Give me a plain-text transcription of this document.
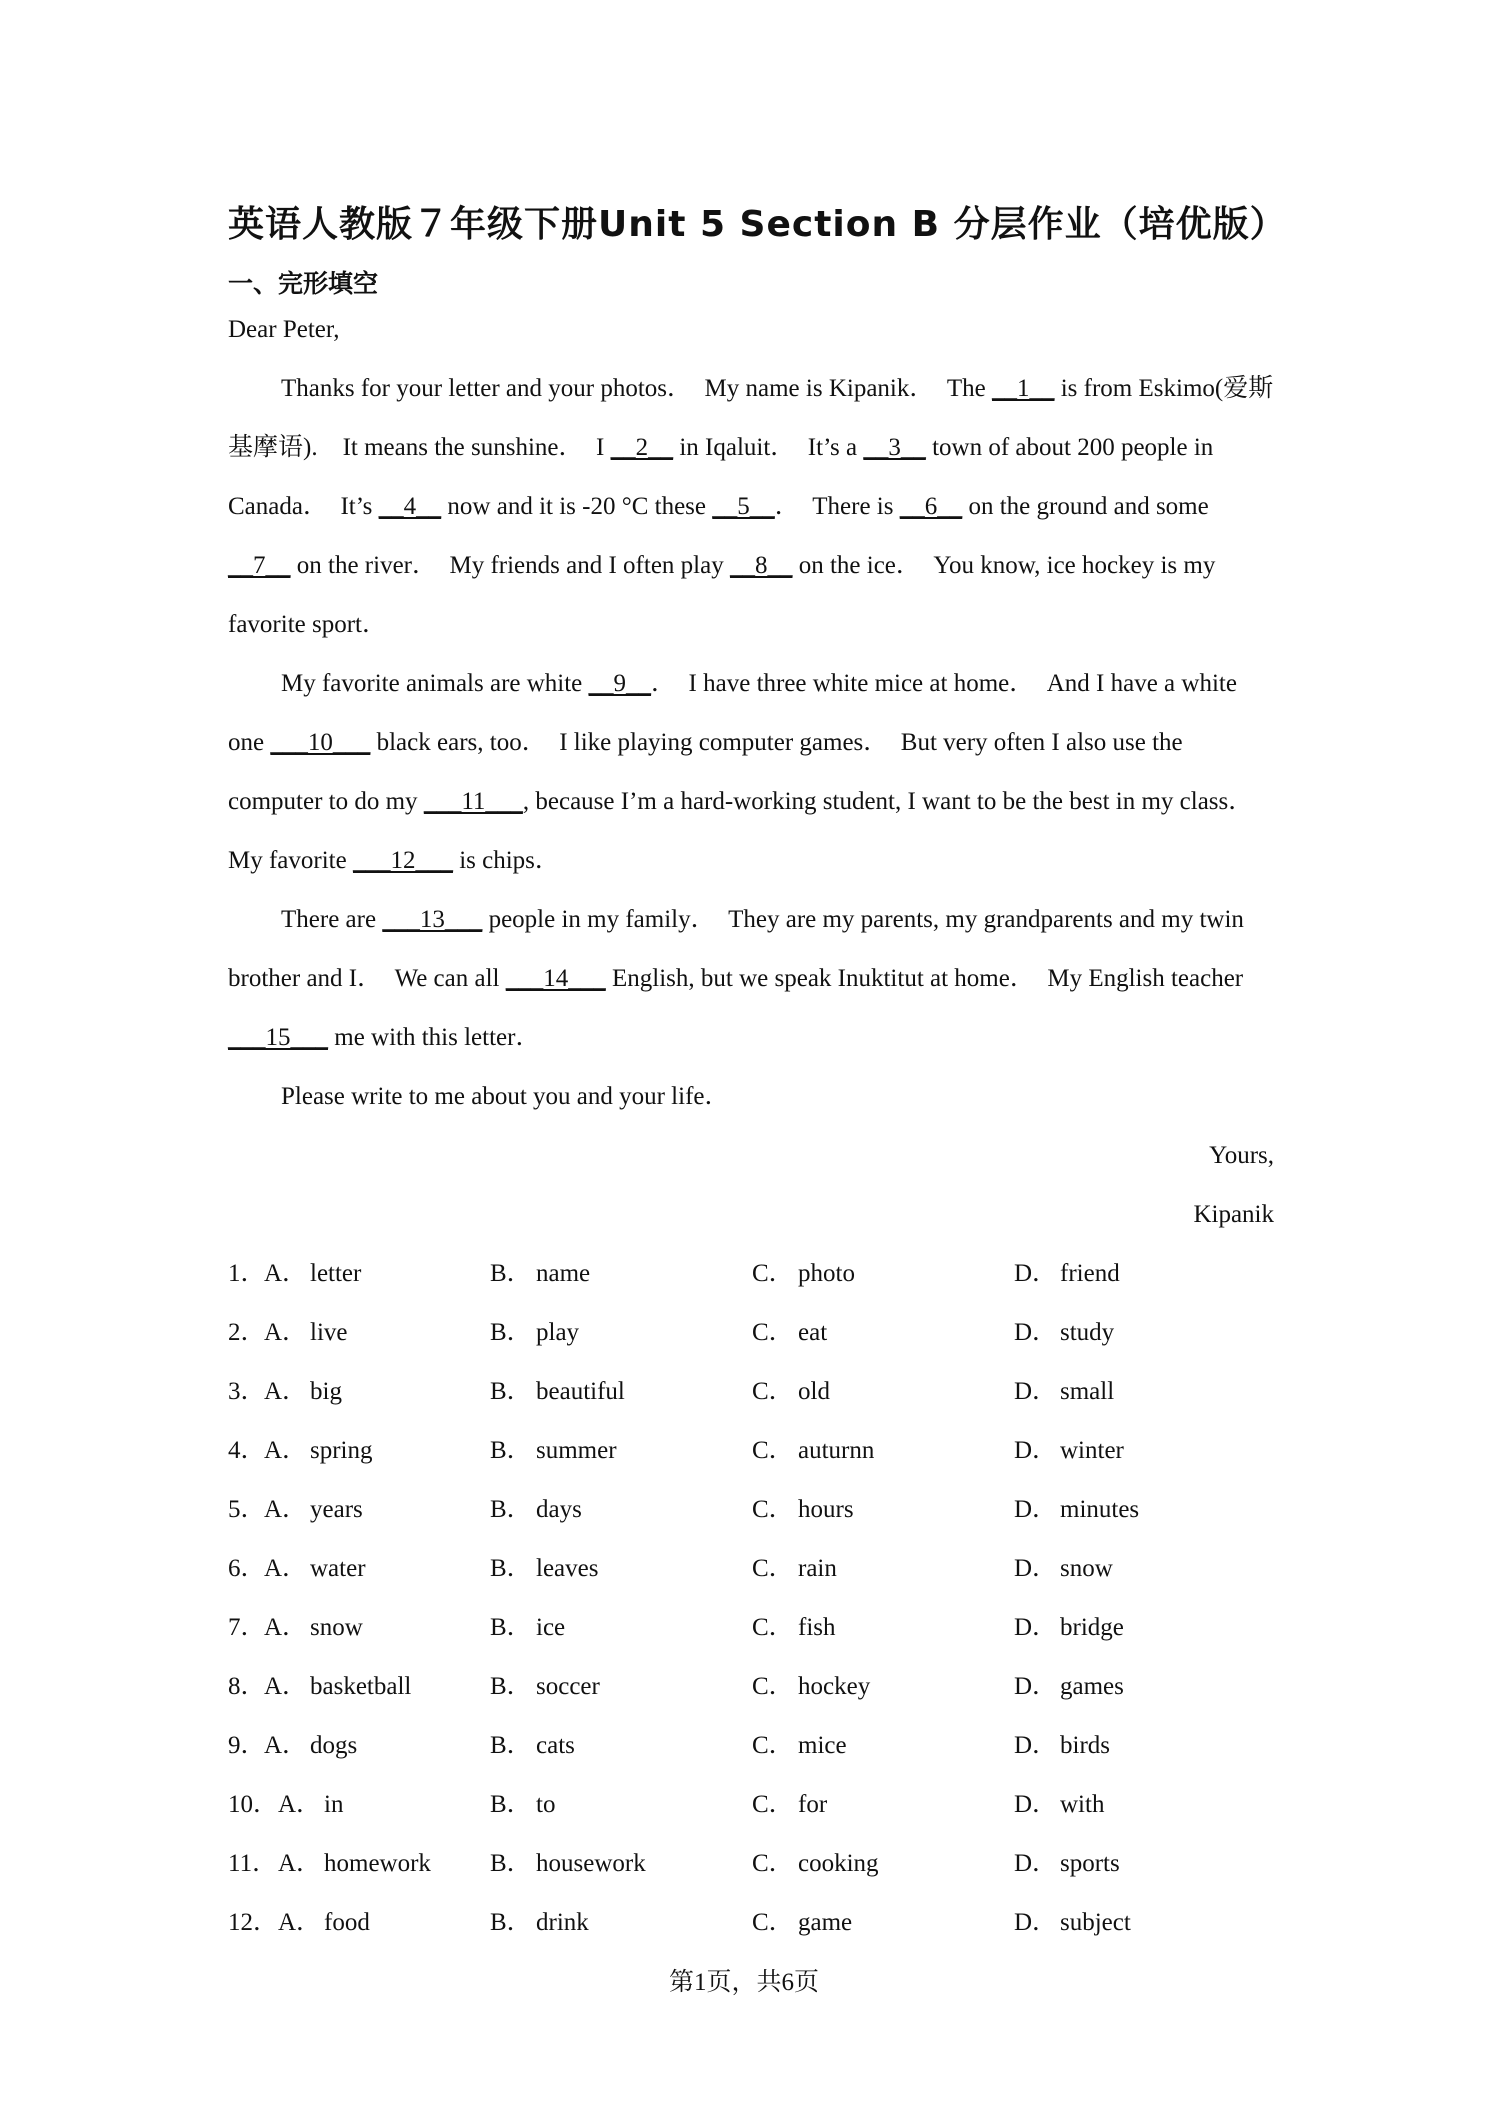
英语人教版７年级下册Unit 5 Section B 分层作业（培优版）
一、完形填空

Dear Peter,

Thanks for your letter and your photos．　My name is Kipanik．　The __1__ is from Eskimo(爱斯基摩语).　It means the sunshine．　I __2__ in Iqaluit．　It’s a __3__ town of about 200 people in Canada．　It’s __4__ now and it is -20 °C these __5__．　There is __6__ on the ground and some __7__ on the river．　My friends and I often play __8__ on the ice．　You know, ice hockey is my favorite sport．

My favorite animals are white __9__．　I have three white mice at home．　And I have a white one ___10___ black ears, too．　I like playing computer games．　But very often I also use the computer to do my ___11___, because I’m a hard-working student, I want to be the best in my class．　My favorite ___12___ is chips．

There are ___13___ people in my family．　They are my parents, my grandparents and my twin brother and I．　We can all ___14___ English, but we speak Inuktitut at home．　My English teacher ___15___ me with this letter．

Please write to me about you and your life．

Yours,

Kipanik

1．
A． letter	B． name	C． photo	D． friend
2．
A． live	B． play	C． eat	D． study
3．
A． big	B． beautiful	C． old	D． small
4．
A． spring	B． summer	C． auturnn	D． winter
5．
A． years	B． days	C． hours	D． minutes
6．
A． water	B． leaves	C． rain	D． snow
7．
A． snow	B． ice	C． fish	D． bridge
8．
A． basketball	B． soccer	C． hockey	D． games
9．
A． dogs	B． cats	C． mice	D． birds
10． A． in	B． to	C． for	D． with
11． A． homework B． housework	C． cooking	D． sports
12． A． food	B． drink	C． game	D． subject
第1页，共6页
